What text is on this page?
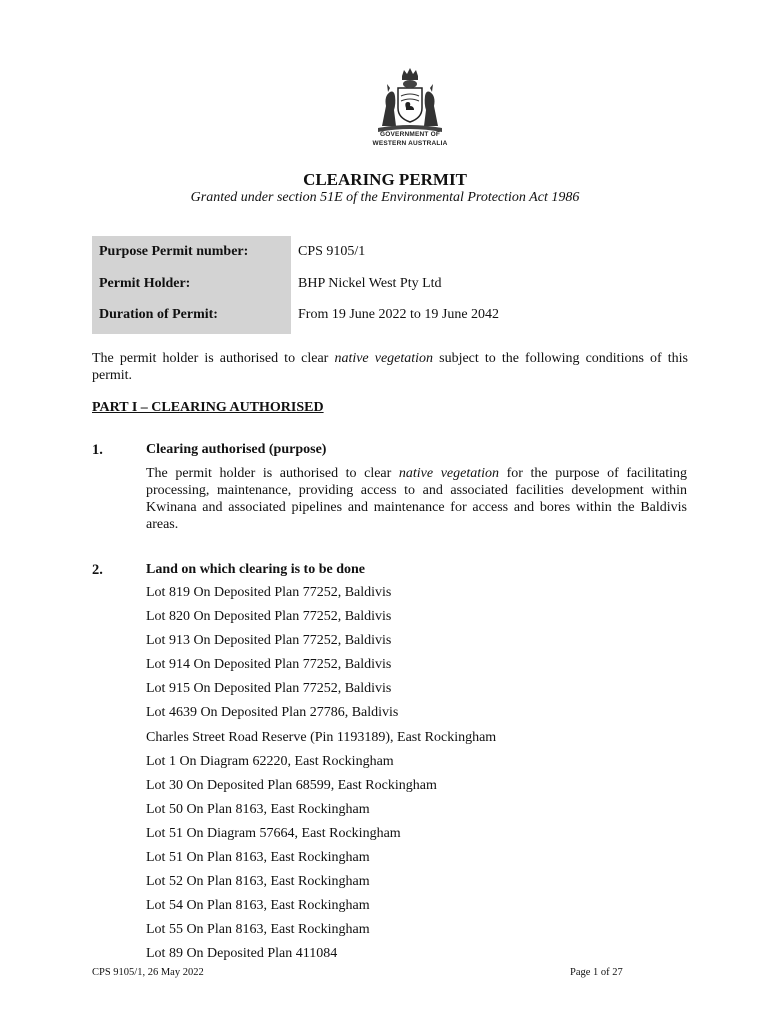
GOVERNMENT OF
WESTERN AUSTRALIA
CLEARING PERMIT
Granted under section 51E of the Environmental Protection Act 1986
Purpose Permit number:	CPS 9105/1
Permit Holder:	BHP Nickel West Pty Ltd
Duration of Permit:	From 19 June 2022 to 19 June 2042
The permit holder is authorised to clear native vegetation subject to the following conditions of this permit.
PART I – CLEARING AUTHORISED
1.	Clearing authorised (purpose)
The permit holder is authorised to clear native vegetation for the purpose of facilitating processing, maintenance, providing access to and associated facilities development within Kwinana and associated pipelines and maintenance for access and bores within the Baldivis areas.
2.	Land on which clearing is to be done
Lot 819 On Deposited Plan 77252, Baldivis
Lot 820 On Deposited Plan 77252, Baldivis
Lot 913 On Deposited Plan 77252, Baldivis
Lot 914 On Deposited Plan 77252, Baldivis
Lot 915 On Deposited Plan 77252, Baldivis
Lot 4639 On Deposited Plan 27786, Baldivis
Charles Street Road Reserve (Pin 1193189), East Rockingham
Lot 1 On Diagram 62220, East Rockingham
Lot 30 On Deposited Plan 68599, East Rockingham
Lot 50 On Plan 8163, East Rockingham
Lot 51 On Diagram 57664, East Rockingham
Lot 51 On Plan 8163, East Rockingham
Lot 52 On Plan 8163, East Rockingham
Lot 54 On Plan 8163, East Rockingham
Lot 55 On Plan 8163, East Rockingham
Lot 89 On Deposited Plan 411084
CPS 9105/1, 26 May 2022	Page 1 of 27
